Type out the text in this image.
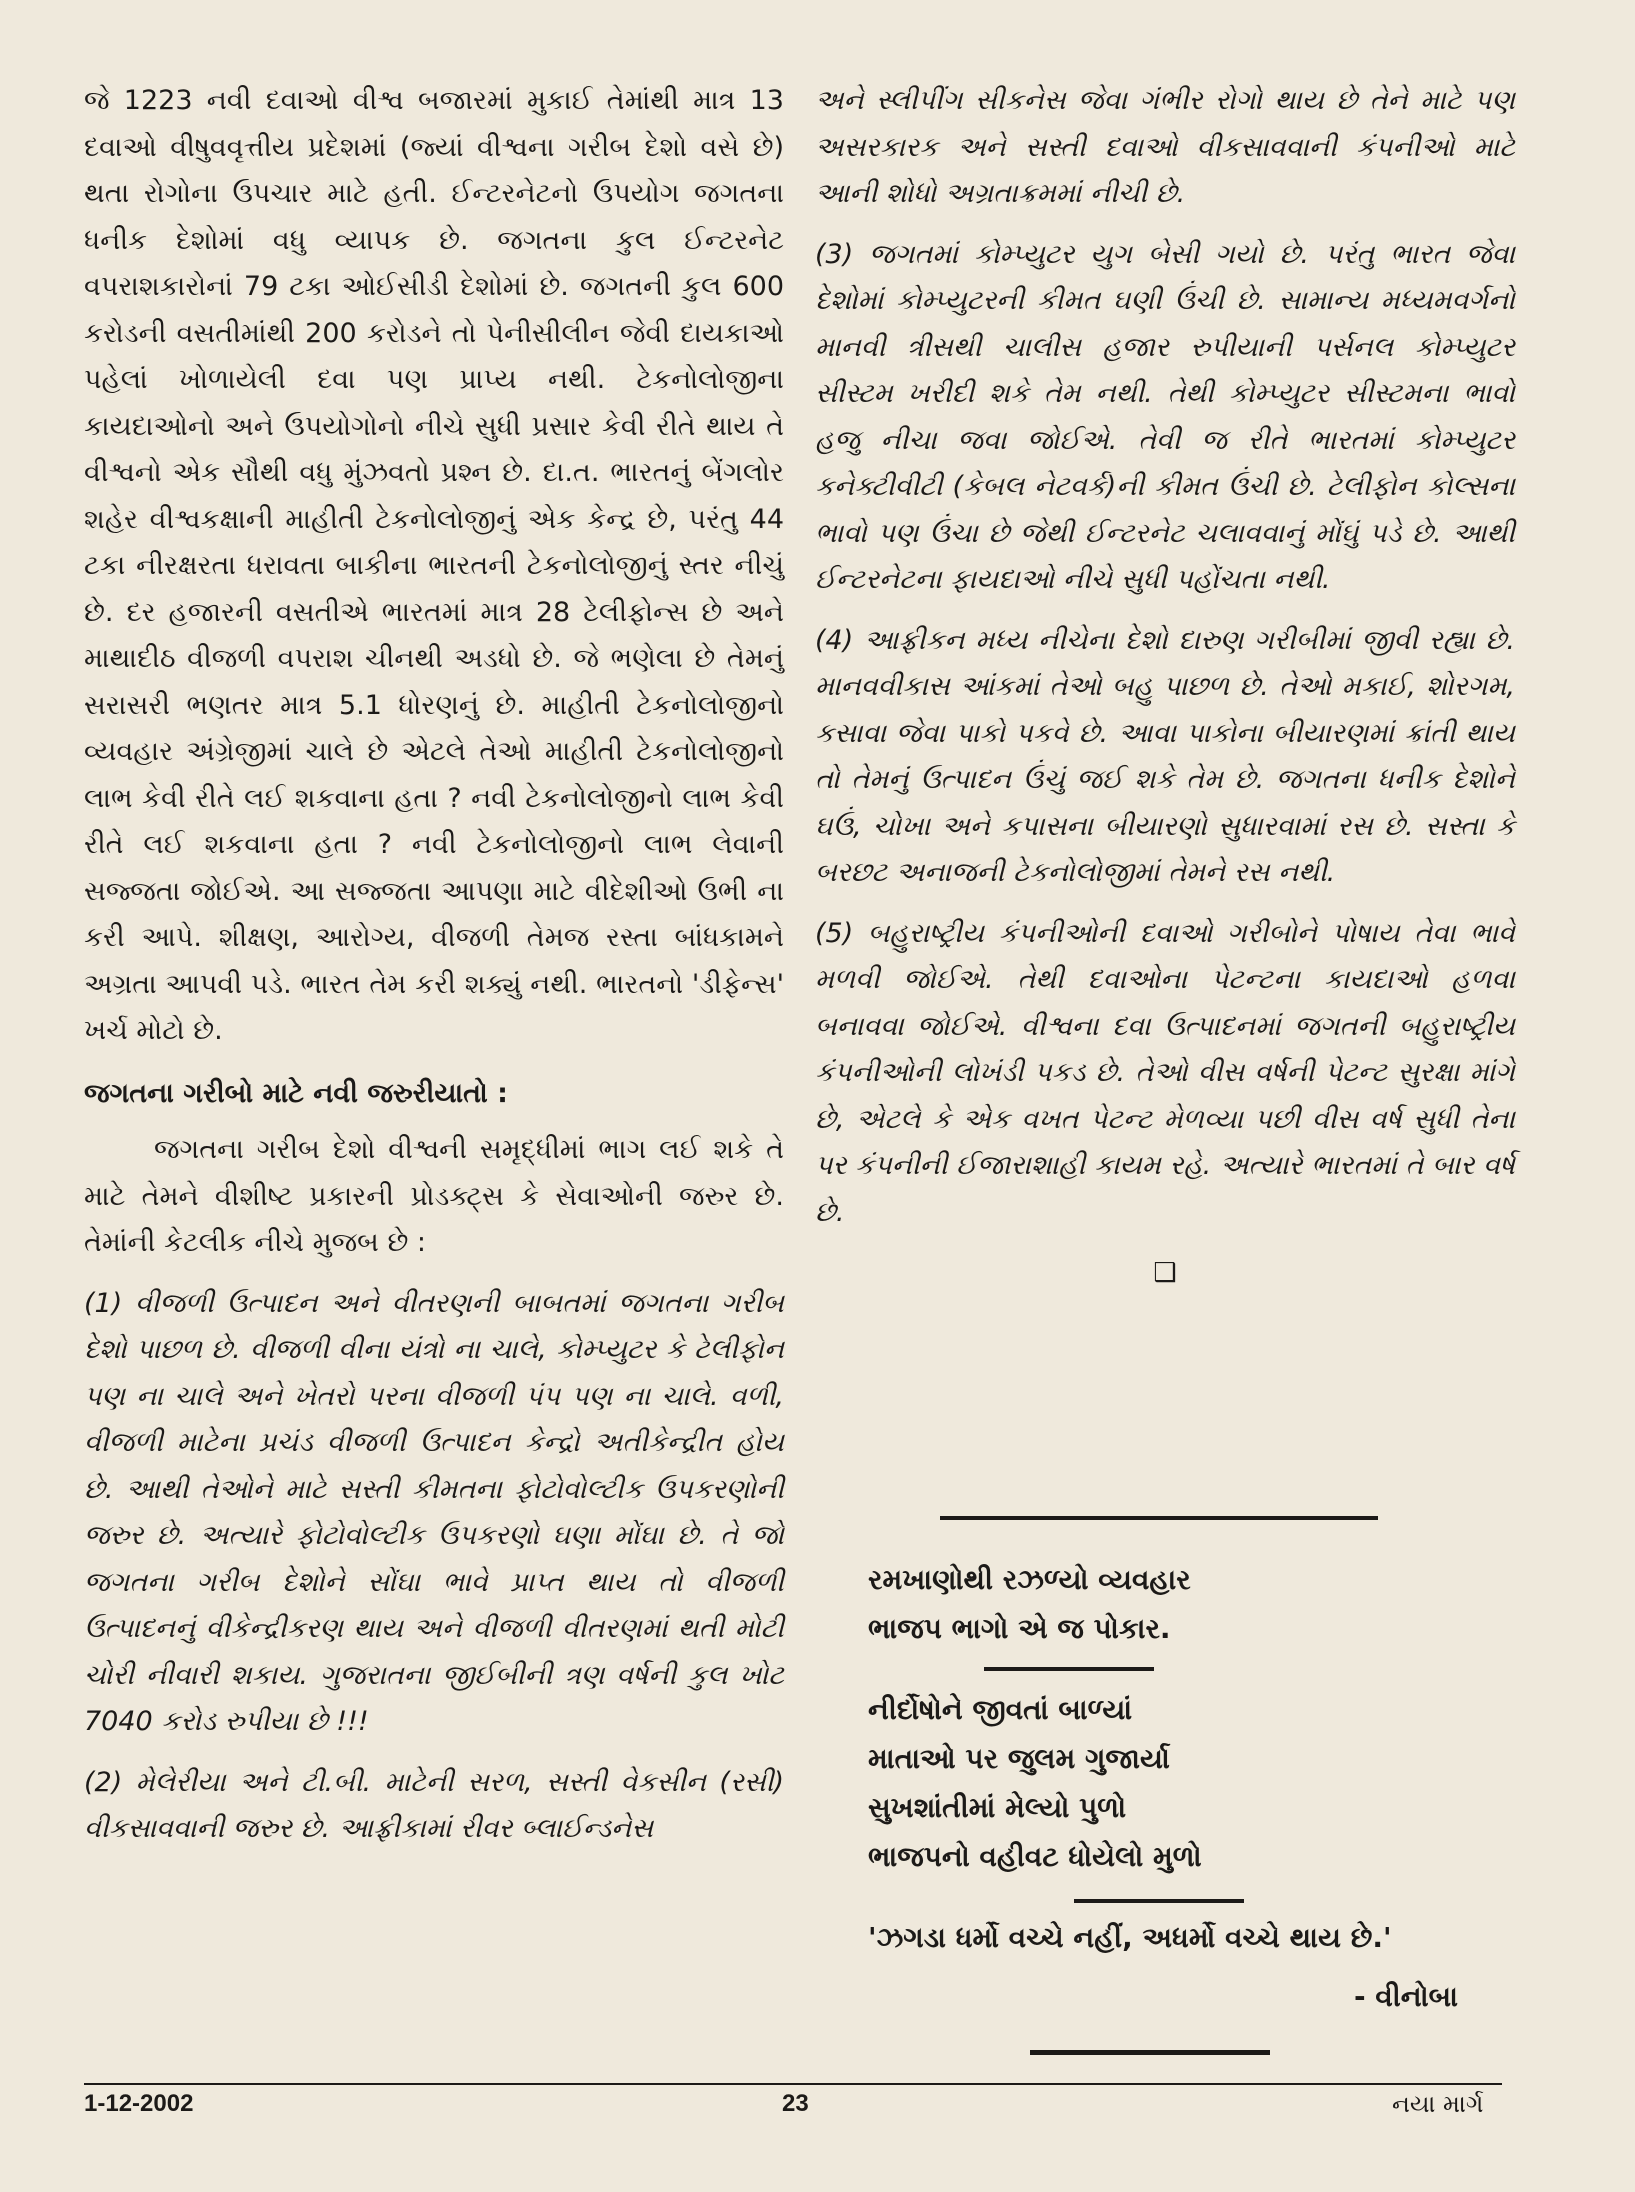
જે 1223 નવી દવાઓ વીશ્વ બજારમાં મુકાઈ તેમાંથી માત્ર 13 દવાઓ વીષુવવૃત્તીય પ્રદેશમાં (જ્યાં વીશ્વના ગરીબ દેશો વસે છે) થતા રોગોના ઉપચાર માટે હતી. ઈન્ટરનેટનો ઉપયોગ જગતના ધનીક દેશોમાં વધુ વ્યાપક છે. જગતના કુલ ઈન્ટરનેટ વપરાશકારોનાં 79 ટકા ઓઈસીડી દેશોમાં છે. જગતની કુલ 600 કરોડની વસતીમાંથી 200 કરોડને તો પેનીસીલીન જેવી દાયકાઓ પહેલાં ખોળાયેલી દવા પણ પ્રાપ્ય નથી. ટેકનોલોજીના કાયદાઓનો અને ઉપયોગોનો નીચે સુધી પ્રસાર કેવી રીતે થાય તે વીશ્વનો એક સૌથી વધુ મુંઝવતો પ્રશ્ન છે. દા.ત. ભારતનું બેંગલોર શહેર વીશ્વકક્ષાની માહીતી ટેકનોલોજીનું એક કેન્દ્ર છે, પરંતુ 44 ટકા નીરક્ષરતા ધરાવતા બાકીના ભારતની ટેકનોલોજીનું સ્તર નીચું છે. દર હજારની વસતીએ ભારતમાં માત્ર 28 ટેલીફોન્સ છે અને માથાદીઠ વીજળી વપરાશ ચીનથી અડધો છે. જે ભણેલા છે તેમનું સરાસરી ભણતર માત્ર 5.1 ધોરણનું છે. માહીતી ટેકનોલોજીનો વ્યવહાર અંગ્રેજીમાં ચાલે છે એટલે તેઓ માહીતી ટેકનોલોજીનો લાભ કેવી રીતે લઈ શકવાના હતા ? નવી ટેકનોલોજીનો લાભ કેવી રીતે લઈ શકવાના હતા ? નવી ટેકનોલોજીનો લાભ લેવાની સજ્જતા જોઈએ. આ સજ્જતા આપણા માટે વીદેશીઓ ઉભી ના કરી આપે. શીક્ષણ, આરોગ્ય, વીજળી તેમજ રસ્તા બાંધકામને અગ્રતા આપવી પડે. ભારત તેમ કરી શક્યું નથી. ભારતનો 'ડીફેન્સ' ખર્ચ મોટો છે.

જગતના ગરીબો માટે નવી જરુરીયાતો :

જગતના ગરીબ દેશો વીશ્વની સમૃદ્ધીમાં ભાગ લઈ શકે તે માટે તેમને વીશીષ્ટ પ્રકારની પ્રોડક્ટ્સ કે સેવાઓની જરુર છે. તેમાંની કેટલીક નીચે મુજબ છે :

(1) વીજળી ઉત્પાદન અને વીતરણની બાબતમાં જગતના ગરીબ દેશો પાછળ છે. વીજળી વીના યંત્રો ના ચાલે, કોમ્પ્યુટર કે ટેલીફોન પણ ના ચાલે અને ખેતરો પરના વીજળી પંપ પણ ના ચાલે. વળી, વીજળી માટેના પ્રચંડ વીજળી ઉત્પાદન કેન્દ્રો અતીકેન્દ્રીત હોય છે. આથી તેઓને માટે સસ્તી કીમતના ફોટોવોલ્ટીક ઉપકરણોની જરુર છે. અત્યારે ફોટોવોલ્ટીક ઉપકરણો ઘણા મોંઘા છે. તે જો જગતના ગરીબ દેશોને સોંઘા ભાવે પ્રાપ્ત થાય તો વીજળી ઉત્પાદનનું વીકેન્દ્રીકરણ થાય અને વીજળી વીતરણમાં થતી મોટી ચોરી નીવારી શકાય. ગુજરાતના જીઈબીની ત્રણ વર્ષની કુલ ખોટ 7040 કરોડ રુપીયા છે !!!

(2) મેલેરીયા અને ટી.બી. માટેની સરળ, સસ્તી વેકસીન (રસી) વીકસાવવાની જરુર છે. આફ્રીકામાં રીવર બ્લાઈન્ડનેસ

અને સ્લીપીંગ સીકનેસ જેવા ગંભીર રોગો થાય છે તેને માટે પણ અસરકારક અને સસ્તી દવાઓ વીકસાવવાની કંપનીઓ માટે આની શોધો અગ્રતાક્રમમાં નીચી છે.

(3) જગતમાં કોમ્પ્યુટર યુગ બેસી ગયો છે. પરંતુ ભારત જેવા દેશોમાં કોમ્પ્યુટરની કીમત ઘણી ઉંચી છે. સામાન્ય મધ્યમવર્ગનો માનવી ત્રીસથી ચાલીસ હજાર રુપીયાની પર્સનલ કોમ્પ્યુટર સીસ્ટમ ખરીદી શકે તેમ નથી. તેથી કોમ્પ્યુટર સીસ્ટમના ભાવો હજુ નીચા જવા જોઈએ. તેવી જ રીતે ભારતમાં કોમ્પ્યુટર કનેક્ટીવીટી (કેબલ નેટવર્ક)ની કીમત ઉંચી છે. ટેલીફોન કોલ્સના ભાવો પણ ઉંચા છે જેથી ઈન્ટરનેટ ચલાવવાનું મોંઘું પડે છે. આથી ઈન્ટરનેટના ફાયદાઓ નીચે સુધી પહોંચતા નથી.

(4) આફ્રીકન મધ્ય નીચેના દેશો દારુણ ગરીબીમાં જીવી રહ્યા છે. માનવવીકાસ આંકમાં તેઓ બહુ પાછળ છે. તેઓ મકાઈ, શોરગમ, કસાવા જેવા પાકો પકવે છે. આવા પાકોના બીયારણમાં ક્રાંતી થાય તો તેમનું ઉત્પાદન ઉંચું જઈ શકે તેમ છે. જગતના ધનીક દેશોને ઘઉં, ચોખા અને કપાસના બીયારણો સુધારવામાં રસ છે. સસ્તા કે બરછટ અનાજની ટેકનોલોજીમાં તેમને રસ નથી.

(5) બહુરાષ્ટ્રીય કંપનીઓની દવાઓ ગરીબોને પોષાય તેવા ભાવે મળવી જોઈએ. તેથી દવાઓના પેટન્ટના કાયદાઓ હળવા બનાવવા જોઈએ. વીશ્વના દવા ઉત્પાદનમાં જગતની બહુરાષ્ટ્રીય કંપનીઓની લોખંડી પકડ છે. તેઓ વીસ વર્ષની પેટન્ટ સુરક્ષા માંગે છે, એટલે કે એક વખત પેટન્ટ મેળવ્યા પછી વીસ વર્ષ સુધી તેના પર કંપનીની ઈજારાશાહી કાયમ રહે. અત્યારે ભારતમાં તે બાર વર્ષ છે.

❑

રમખાણોથી રઝળ્યો વ્યવહાર
ભાજપ ભાગો એ જ પોકાર.
નીર્દોષોને જીવતાં બાળ્યાં
માતાઓ પર જુલમ ગુજાર્યા
સુખશાંતીમાં મેલ્યો પુળો
ભાજપનો વહીવટ ધોયેલો મુળો
'ઝગડા ધર્મો વચ્ચે નહીં, અધર્મો વચ્ચે થાય છે.'
- વીનોબા
1-12-2002	23	નયા માર્ગ
